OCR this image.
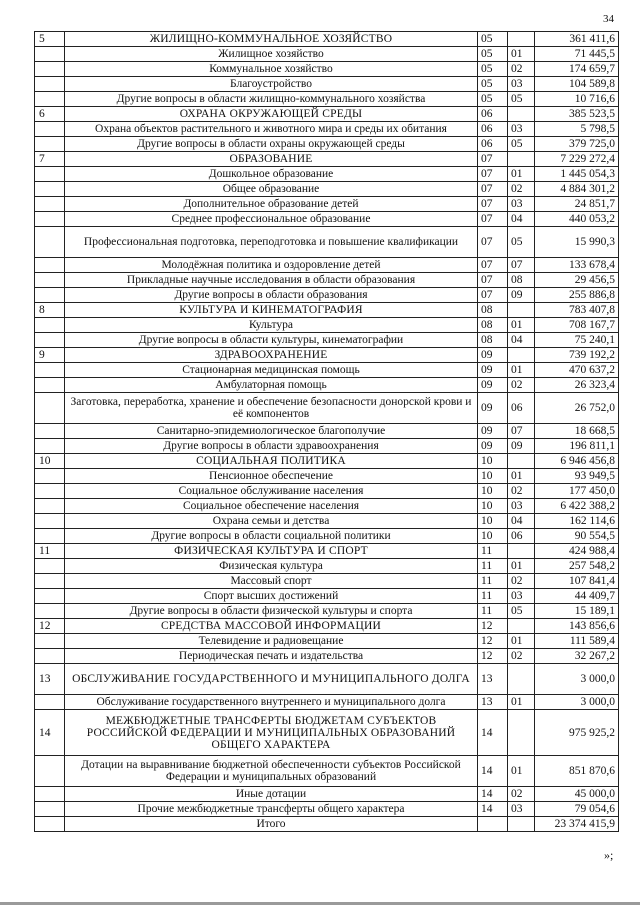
34
5	ЖИЛИЩНО-КОММУНАЛЬНОЕ ХОЗЯЙСТВО	05		361 411,6
	Жилищное хозяйство	05	01	71 445,5
	Коммунальное хозяйство	05	02	174 659,7
	Благоустройство	05	03	104 589,8
	Другие вопросы в области жилищно-коммунального хозяйства	05	05	10 716,6
6	ОХРАНА ОКРУЖАЮЩЕЙ СРЕДЫ	06		385 523,5
	Охрана объектов растительного и животного мира и среды их обитания	06	03	5 798,5
	Другие вопросы в области охраны окружающей среды	06	05	379 725,0
7	ОБРАЗОВАНИЕ	07		7 229 272,4
	Дошкольное образование	07	01	1 445 054,3
	Общее образование	07	02	4 884 301,2
	Дополнительное образование детей	07	03	24 851,7
	Среднее профессиональное образование	07	04	440 053,2
	Профессиональная подготовка, переподготовка и повышение квалификации	07	05	15 990,3
	Молодёжная политика и оздоровление детей	07	07	133 678,4
	Прикладные научные исследования в области образования	07	08	29 456,5
	Другие вопросы в области образования	07	09	255 886,8
8	КУЛЬТУРА И КИНЕМАТОГРАФИЯ	08		783 407,8
	Культура	08	01	708 167,7
	Другие вопросы в области культуры, кинематографии	08	04	75 240,1
9	ЗДРАВООХРАНЕНИЕ	09		739 192,2
	Стационарная медицинская помощь	09	01	470 637,2
	Амбулаторная помощь	09	02	26 323,4
	Заготовка, переработка, хранение и обеспечение безопасности донорской крови и её компонентов	09	06	26 752,0
	Санитарно-эпидемиологическое благополучие	09	07	18 668,5
	Другие вопросы в области здравоохранения	09	09	196 811,1
10	СОЦИАЛЬНАЯ ПОЛИТИКА	10		6 946 456,8
	Пенсионное обеспечение	10	01	93 949,5
	Социальное обслуживание населения	10	02	177 450,0
	Социальное обеспечение населения	10	03	6 422 388,2
	Охрана семьи и детства	10	04	162 114,6
	Другие вопросы в области социальной политики	10	06	90 554,5
11	ФИЗИЧЕСКАЯ КУЛЬТУРА И СПОРТ	11		424 988,4
	Физическая культура	11	01	257 548,2
	Массовый спорт	11	02	107 841,4
	Спорт высших достижений	11	03	44 409,7
	Другие вопросы в области физической культуры и спорта	11	05	15 189,1
12	СРЕДСТВА МАССОВОЙ ИНФОРМАЦИИ	12		143 856,6
	Телевидение и радиовещание	12	01	111 589,4
	Периодическая печать и издательства	12	02	32 267,2
13	ОБСЛУЖИВАНИЕ ГОСУДАРСТВЕННОГО И МУНИЦИПАЛЬНОГО ДОЛГА	13		3 000,0
	Обслуживание государственного внутреннего и муниципального долга	13	01	3 000,0
14	МЕЖБЮДЖЕТНЫЕ ТРАНСФЕРТЫ БЮДЖЕТАМ СУБЪЕКТОВ РОССИЙСКОЙ ФЕДЕРАЦИИ И МУНИЦИПАЛЬНЫХ ОБРАЗОВАНИЙ ОБЩЕГО ХАРАКТЕРА	14		975 925,2
	Дотации на выравнивание бюджетной обеспеченности субъектов Российской Федерации и муниципальных образований	14	01	851 870,6
	Иные дотации	14	02	45 000,0
	Прочие межбюджетные трансферты общего характера	14	03	79 054,6
	Итого			23 374 415,9
»;
